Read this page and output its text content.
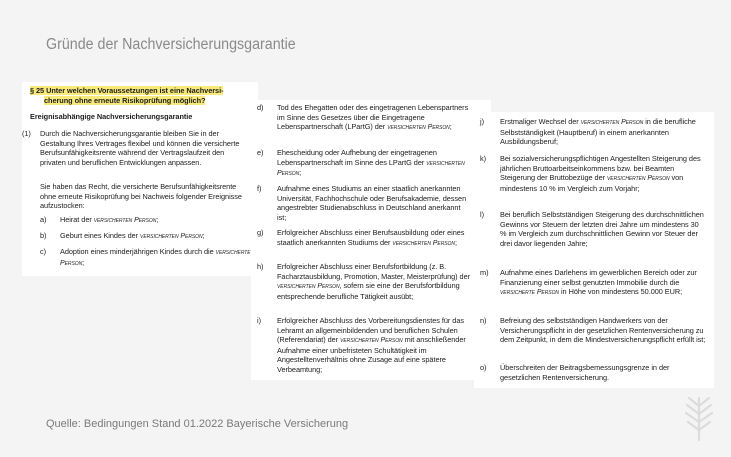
Gründe der Nachversicherungsgarantie
§ 25 Unter welchen Voraussetzungen ist eine Nachversi-
cherung ohne erneute Risikoprüfung möglich?
Ereignisabhängige Nachversicherungsgarantie
(1)	Durch die Nachversicherungsgarantie bleiben Sie in der Gestaltung Ihres Vertrages flexibel und können die versicherte Berufsunfähigkeitsrente während der Vertragslaufzeit den privaten und beruflichen Entwicklungen anpassen.
Sie haben das Recht, die versicherte Berufsunfähigkeitsrente ohne erneute Risikoprüfung bei Nachweis folgender Ereignisse aufzustocken:
a)	Heirat der versicherten Person;
b)	Geburt eines Kindes der versicherten Person;
c)	Adoption eines minderjährigen Kindes durch die versicherte Person;
d)	Tod des Ehegatten oder des eingetragenen Lebenspartners im Sinne des Gesetzes über die Eingetragene Lebenspartnerschaft (LPartG) der versicherten Person;
e)	Ehescheidung oder Aufhebung der eingetragenen Lebenspartnerschaft im Sinne des LPartG der versicherten Person;
f)	Aufnahme eines Studiums an einer staatlich anerkannten Universität, Fachhochschule oder Berufsakademie, dessen angestrebter Studienabschluss in Deutschland anerkannt ist;
g)	Erfolgreicher Abschluss einer Berufsausbildung oder eines staatlich anerkannten Studiums der versicherten Person;
h)	Erfolgreicher Abschluss einer Berufsfortbildung (z. B. Facharztausbildung, Promotion, Master, Meisterprüfung) der versicherten Person, sofern sie eine der Berufsfortbildung entsprechende berufliche Tätigkeit ausübt;
i)	Erfolgreicher Abschluss des Vorbereitungsdienstes für das Lehramt an allgemeinbildenden und beruflichen Schulen (Referendariat) der versicherten Person mit anschließender Aufnahme einer unbefristeten Schultätigkeit im Angestelltenverhältnis ohne Zusage auf eine spätere Verbeamtung;
j)	Erstmaliger Wechsel der versicherten Person in die berufliche Selbstständigkeit (Hauptberuf) in einem anerkannten Ausbildungsberuf;
k)	Bei sozialversicherungspflichtigen Angestellten Steigerung des jährlichen Bruttoarbeitseinkommens bzw. bei Beamten Steigerung der Bruttobezüge der versicherten Person von mindestens 10 % im Vergleich zum Vorjahr;
l)	Bei beruflich Selbstständigen Steigerung des durchschnittlichen Gewinns vor Steuern der letzten drei Jahre um mindestens 30 % im Vergleich zum durchschnittlichen Gewinn vor Steuer der drei davor liegenden Jahre;
m)	Aufnahme eines Darlehens im gewerblichen Bereich oder zur Finanzierung einer selbst genutzten Immobilie durch die versicherte Person in Höhe von mindestens 50.000 EUR;
n)	Befreiung des selbstständigen Handwerkers von der Versicherungspflicht in der gesetzlichen Rentenversicherung zu dem Zeitpunkt, in dem die Mindestversicherungspflicht erfüllt ist;
o)	Überschreiten der Beitragsbemessungsgrenze in der gesetzlichen Rentenversicherung.
Quelle: Bedingungen Stand 01.2022 Bayerische Versicherung
